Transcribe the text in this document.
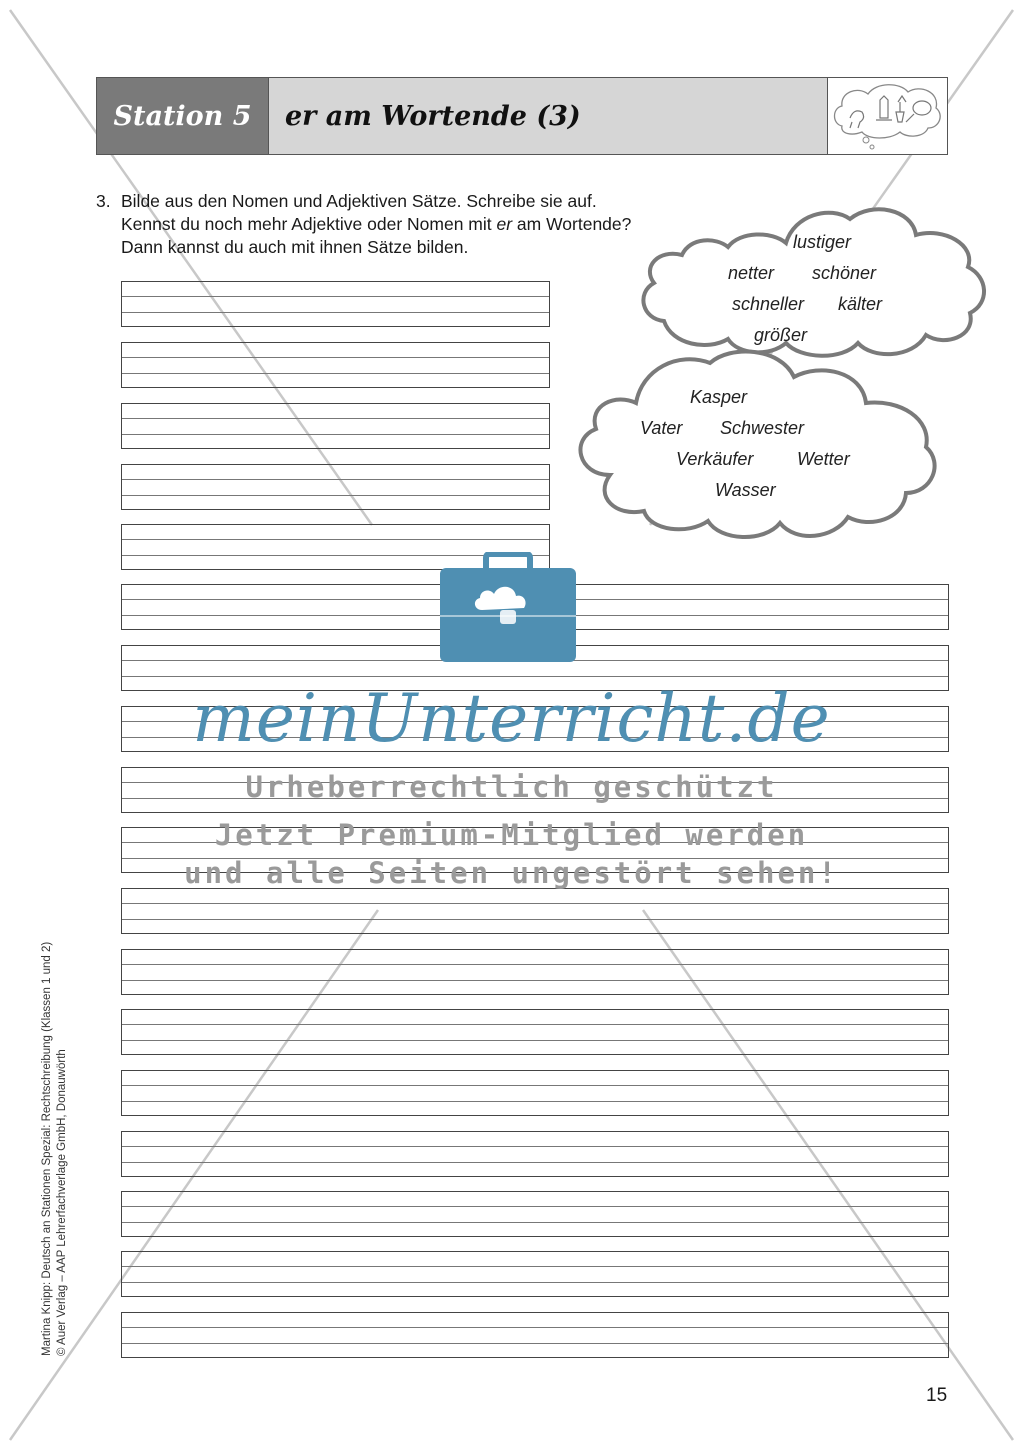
Station 5	er am Wortende (3)
3. Bilde aus den Nomen und Adjektiven Sätze. Schreibe sie auf.
Kennst du noch mehr Adjektive oder Nomen mit er am Wortende?
Dann kannst du auch mit ihnen Sätze bilden.	lustiger
netter schöner
schneller kälter
größer
Kasper
Vater Schwester
Verkäufer Wetter
Wasser
meinUnterricht.de
Urheberrechtlich geschützt
Jetzt Premium-Mitglied werden
und alle Seiten ungestört sehen!
Martina Knipp: Deutsch an Stationen Spezial: Rechtschreibung (Klassen 1 und 2) © Auer Verlag – AAP Lehrerfachverlage GmbH, Donauwörth
15
